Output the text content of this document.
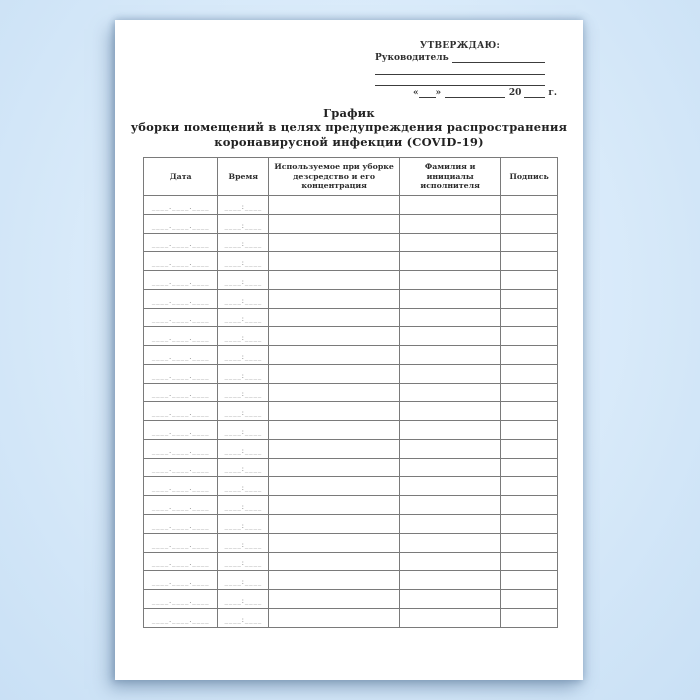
УТВЕРЖДАЮ:
Руководитель
« »	20	г.
График
уборки помещений в целях предупреждения распространения
коронавирусной инфекции (COVID-19)
Дата	Время	Используемое при уборке дезсредство и его концентрация	Фамилия и инициалы исполнителя	Подпись
____.____.____	____:____			
____.____.____	____:____			
____.____.____	____:____			
____.____.____	____:____			
____.____.____	____:____			
____.____.____	____:____			
____.____.____	____:____			
____.____.____	____:____			
____.____.____	____:____			
____.____.____	____:____			
____.____.____	____:____			
____.____.____	____:____			
____.____.____	____:____			
____.____.____	____:____			
____.____.____	____:____			
____.____.____	____:____			
____.____.____	____:____			
____.____.____	____:____			
____.____.____	____:____			
____.____.____	____:____			
____.____.____	____:____			
____.____.____	____:____			
____.____.____	____:____			
